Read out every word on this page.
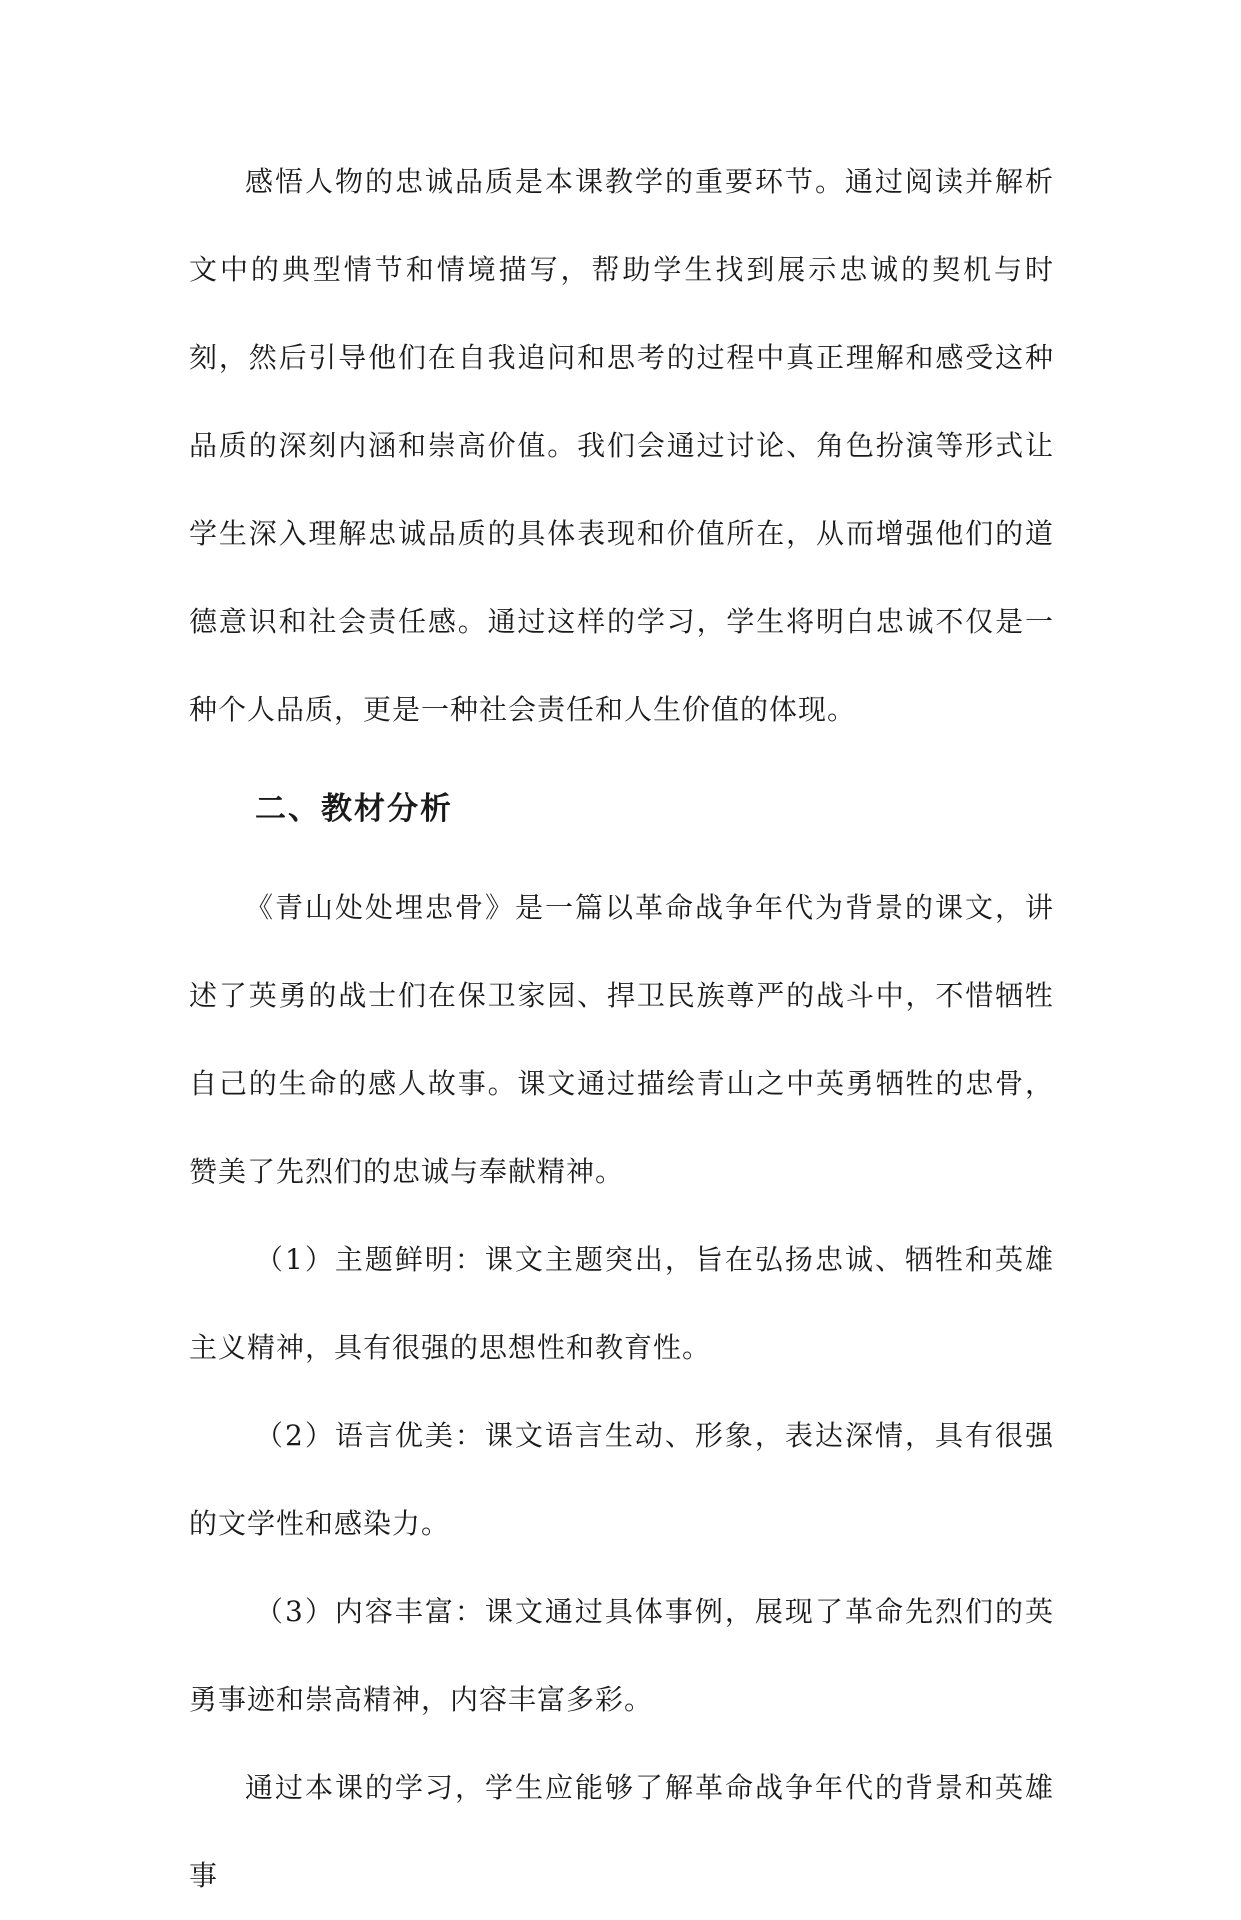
感悟人物的忠诚品质是本课教学的重要环节。通过阅读并解析文中的典型情节和情境描写，帮助学生找到展示忠诚的契机与时刻，然后引导他们在自我追问和思考的过程中真正理解和感受这种品质的深刻内涵和崇高价值。我们会通过讨论、角色扮演等形式让学生深入理解忠诚品质的具体表现和价值所在，从而增强他们的道德意识和社会责任感。通过这样的学习，学生将明白忠诚不仅是一种个人品质，更是一种社会责任和人生价值的体现。

二、教材分析

《青山处处埋忠骨》是一篇以革命战争年代为背景的课文，讲述了英勇的战士们在保卫家园、捍卫民族尊严的战斗中，不惜牺牲自己的生命的感人故事。课文通过描绘青山之中英勇牺牲的忠骨，赞美了先烈们的忠诚与奉献精神。

（1）主题鲜明：课文主题突出，旨在弘扬忠诚、牺牲和英雄主义精神，具有很强的思想性和教育性。

（2）语言优美：课文语言生动、形象，表达深情，具有很强的文学性和感染力。

（3）内容丰富：课文通过具体事例，展现了革命先烈们的英勇事迹和崇高精神，内容丰富多彩。

通过本课的学习，学生应能够了解革命战争年代的背景和英雄事
